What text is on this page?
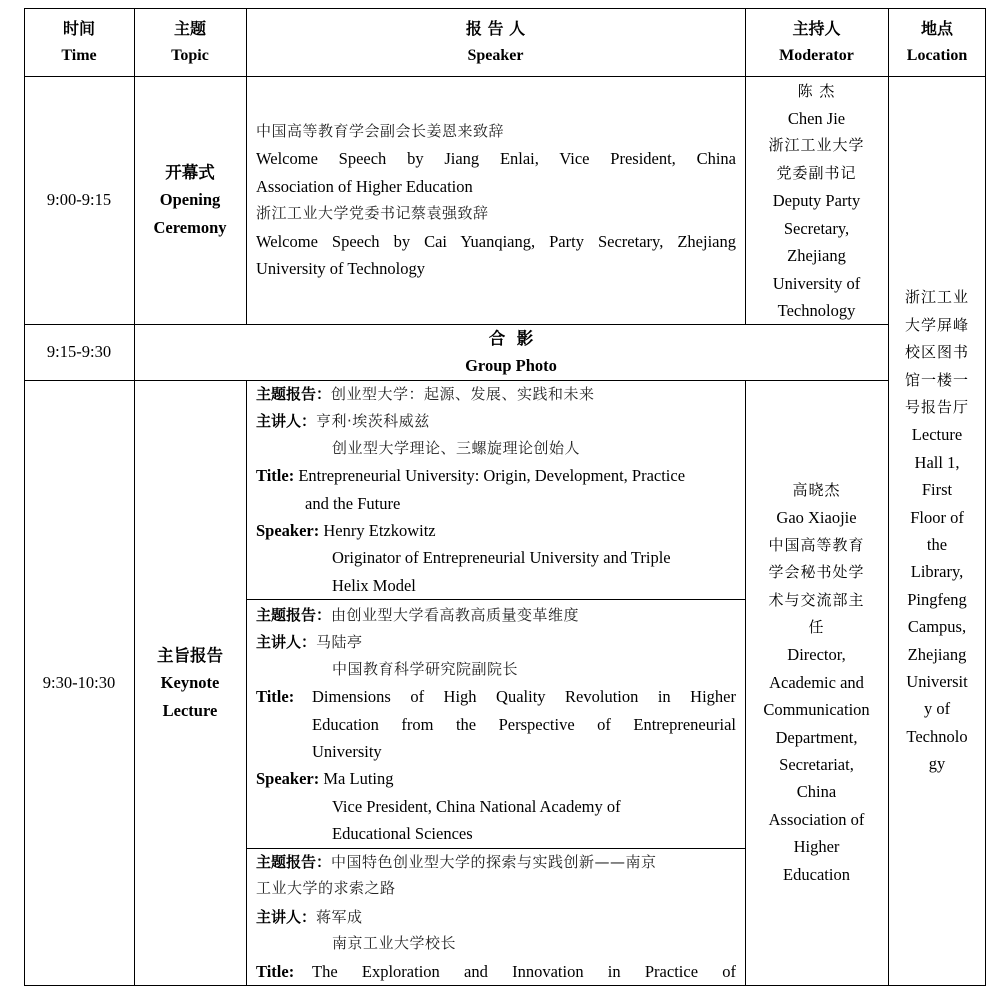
时间
Time
主题
Topic
报 告 人
Speaker
主持人
Moderator
地点
Location
9:00-9:15
开幕式
Opening
Ceremony
中国高等教育学会副会长姜恩来致辞
Welcome Speech by Jiang Enlai, Vice President, China
Association of Higher Education
浙江工业大学党委书记蔡袁强致辞
Welcome Speech by Cai Yuanqiang, Party Secretary, Zhejiang
University of Technology
陈 杰
Chen Jie
浙江工业大学
党委副书记
Deputy Party
Secretary,
Zhejiang
University of
Technology
9:15-9:30
合  影
Group Photo
浙江工业
大学屏峰
校区图书
馆一楼一
号报告厅
Lecture
Hall 1,
First
Floor of
the
Library,
Pingfeng
Campus,
Zhejiang
Universit
y of
Technolo
gy
9:30-10:30
主旨报告
Keynote
Lecture
高晓杰
Gao Xiaojie
中国高等教育
学会秘书处学
术与交流部主
任
Director,
Academic and
Communication
Department,
Secretariat,
China
Association of
Higher
Education
主题报告：创业型大学：起源、发展、实践和未来
主讲人：亨利·埃茨科威兹
创业型大学理论、三螺旋理论创始人
Title: Entrepreneurial University: Origin, Development, Practice
and the Future
Speaker: Henry Etzkowitz
Originator of Entrepreneurial University and Triple
Helix Model
主题报告：由创业型大学看高教高质量变革维度
主讲人：马陆亭
中国教育科学研究院副院长
Title:	Dimensions of High Quality Revolution in Higher
Education from the Perspective of Entrepreneurial
University
Speaker: Ma Luting
Vice President, China National Academy of
Educational Sciences
主题报告：中国特色创业型大学的探索与实践创新——南京
工业大学的求索之路
主讲人：蒋军成
南京工业大学校长
Title:	The Exploration and Innovation in Practice of
